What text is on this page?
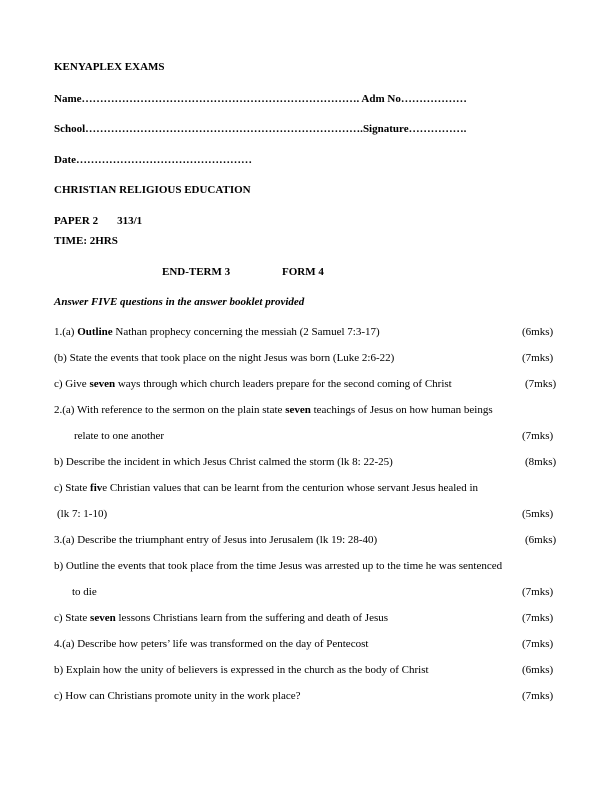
KENYAPLEX EXAMS
Name…………………………………………………………………. Adm No………………
School………………………………………………………………….Signature…………….
Date…………………………………………
CHRISTIAN RELIGIOUS EDUCATION
PAPER 2 313/1
TIME: 2HRS
END-TERM 3	FORM 4
Answer FIVE questions in the answer booklet provided
1.(a) Outline Nathan prophecy concerning the messiah (2 Samuel 7:3-17)	(6mks)
(b) State the events that took place on the night Jesus was born (Luke 2:6-22)	(7mks)
c) Give seven ways through which church leaders prepare for the second coming of Christ	(7mks)
2.(a) With reference to the sermon on the plain state seven teachings of Jesus on how human beings
relate to one another	(7mks)
b) Describe the incident in which Jesus Christ calmed the storm (lk 8: 22-25)	(8mks)
c) State five Christian values that can be learnt from the centurion whose servant Jesus healed in
(lk 7: 1-10)	(5mks)
3.(a) Describe the triumphant entry of Jesus into Jerusalem (lk 19: 28-40)	(6mks)
b) Outline the events that took place from the time Jesus was arrested up to the time he was sentenced
to die	(7mks)
c) State seven lessons Christians learn from the suffering and death of Jesus	(7mks)
4.(a) Describe how peters’ life was transformed on the day of Pentecost	(7mks)
b) Explain how the unity of believers is expressed in the church as the body of Christ	(6mks)
c) How can Christians promote unity in the work place?	(7mks)
